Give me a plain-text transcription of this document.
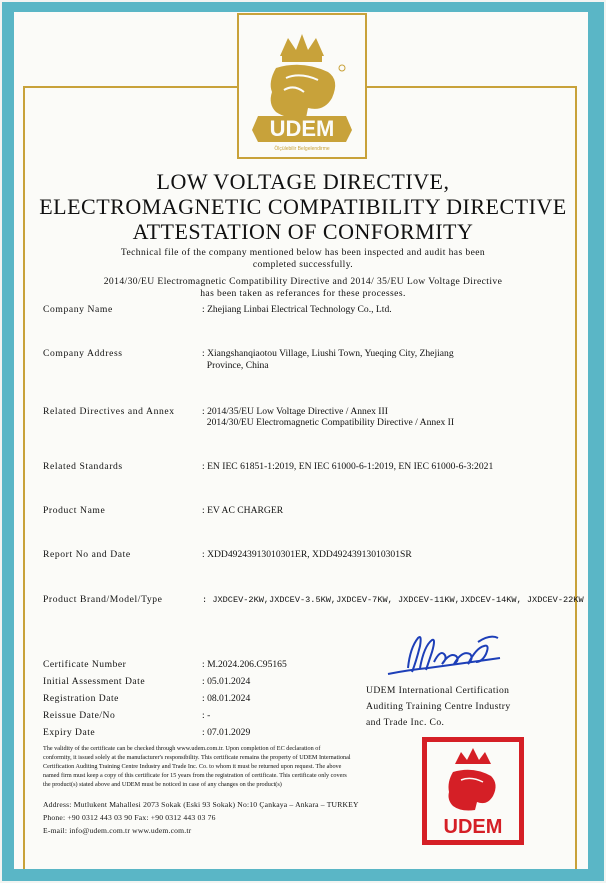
UDEM
Ölçülebilir Belgelendirme
LOW VOLTAGE DIRECTIVE,
ELECTROMAGNETIC COMPATIBILITY DIRECTIVE
ATTESTATION OF CONFORMITY
Technical file of the company mentioned below has been inspected and audit has been
completed successfully.
2014/30/EU Electromagnetic Compatibility Directive and 2014/ 35/EU Low Voltage Directive
has been taken as referances for these processes.
Company Name	: Zhejiang Linbai Electrical Technology Co., Ltd.
Company Address	: Xiangshanqiaotou Village, Liushi Town, Yueqing City, Zhejiang
Province, China
Related Directives and Annex	: 2014/35/EU Low Voltage Directive / Annex III
2014/30/EU Electromagnetic Compatibility Directive / Annex II
Related Standards	: EN IEC 61851-1:2019, EN IEC 61000-6-1:2019, EN IEC 61000-6-3:2021
Product Name	: EV AC CHARGER
Report No and Date	: XDD49243913010301ER, XDD49243913010301SR
Product Brand/Model/Type	: JXDCEV-2KW,JXDCEV-3.5KW,JXDCEV-7KW, JXDCEV-11KW,JXDCEV-14KW, JXDCEV-22KW
Certificate Number	: M.2024.206.C95165
Initial Assessment Date	: 05.01.2024
Registration Date	: 08.01.2024
Reissue Date/No	: -
Expiry Date	: 07.01.2029
UDEM International Certification
Auditing Training Centre Industry
and Trade Inc. Co.
The validity of the certificate can be checked through www.udem.com.tr. Upon completion of EC declaration of
conformity, it issued solely at the manufacturer's responsibility. This certificate remains the property of UDEM International
Certification Auditing Training Centre Industry and Trade Inc. Co. to whom it must be returned upon request. The above
named firm must keep a copy of this certificate for 15 years from the registration of certificate. This certificate only covers
the product(s) stated above and UDEM must be noticed in case of any changes on the product(s)
Address: Mutlukent Mahallesi 2073 Sokak (Eski 93 Sokak) No:10 Çankaya – Ankara – TURKEY
Phone: +90 0312 443 03 90 Fax: +90 0312 443 03 76
E-mail: info@udem.com.tr www.udem.com.tr	UDEM
